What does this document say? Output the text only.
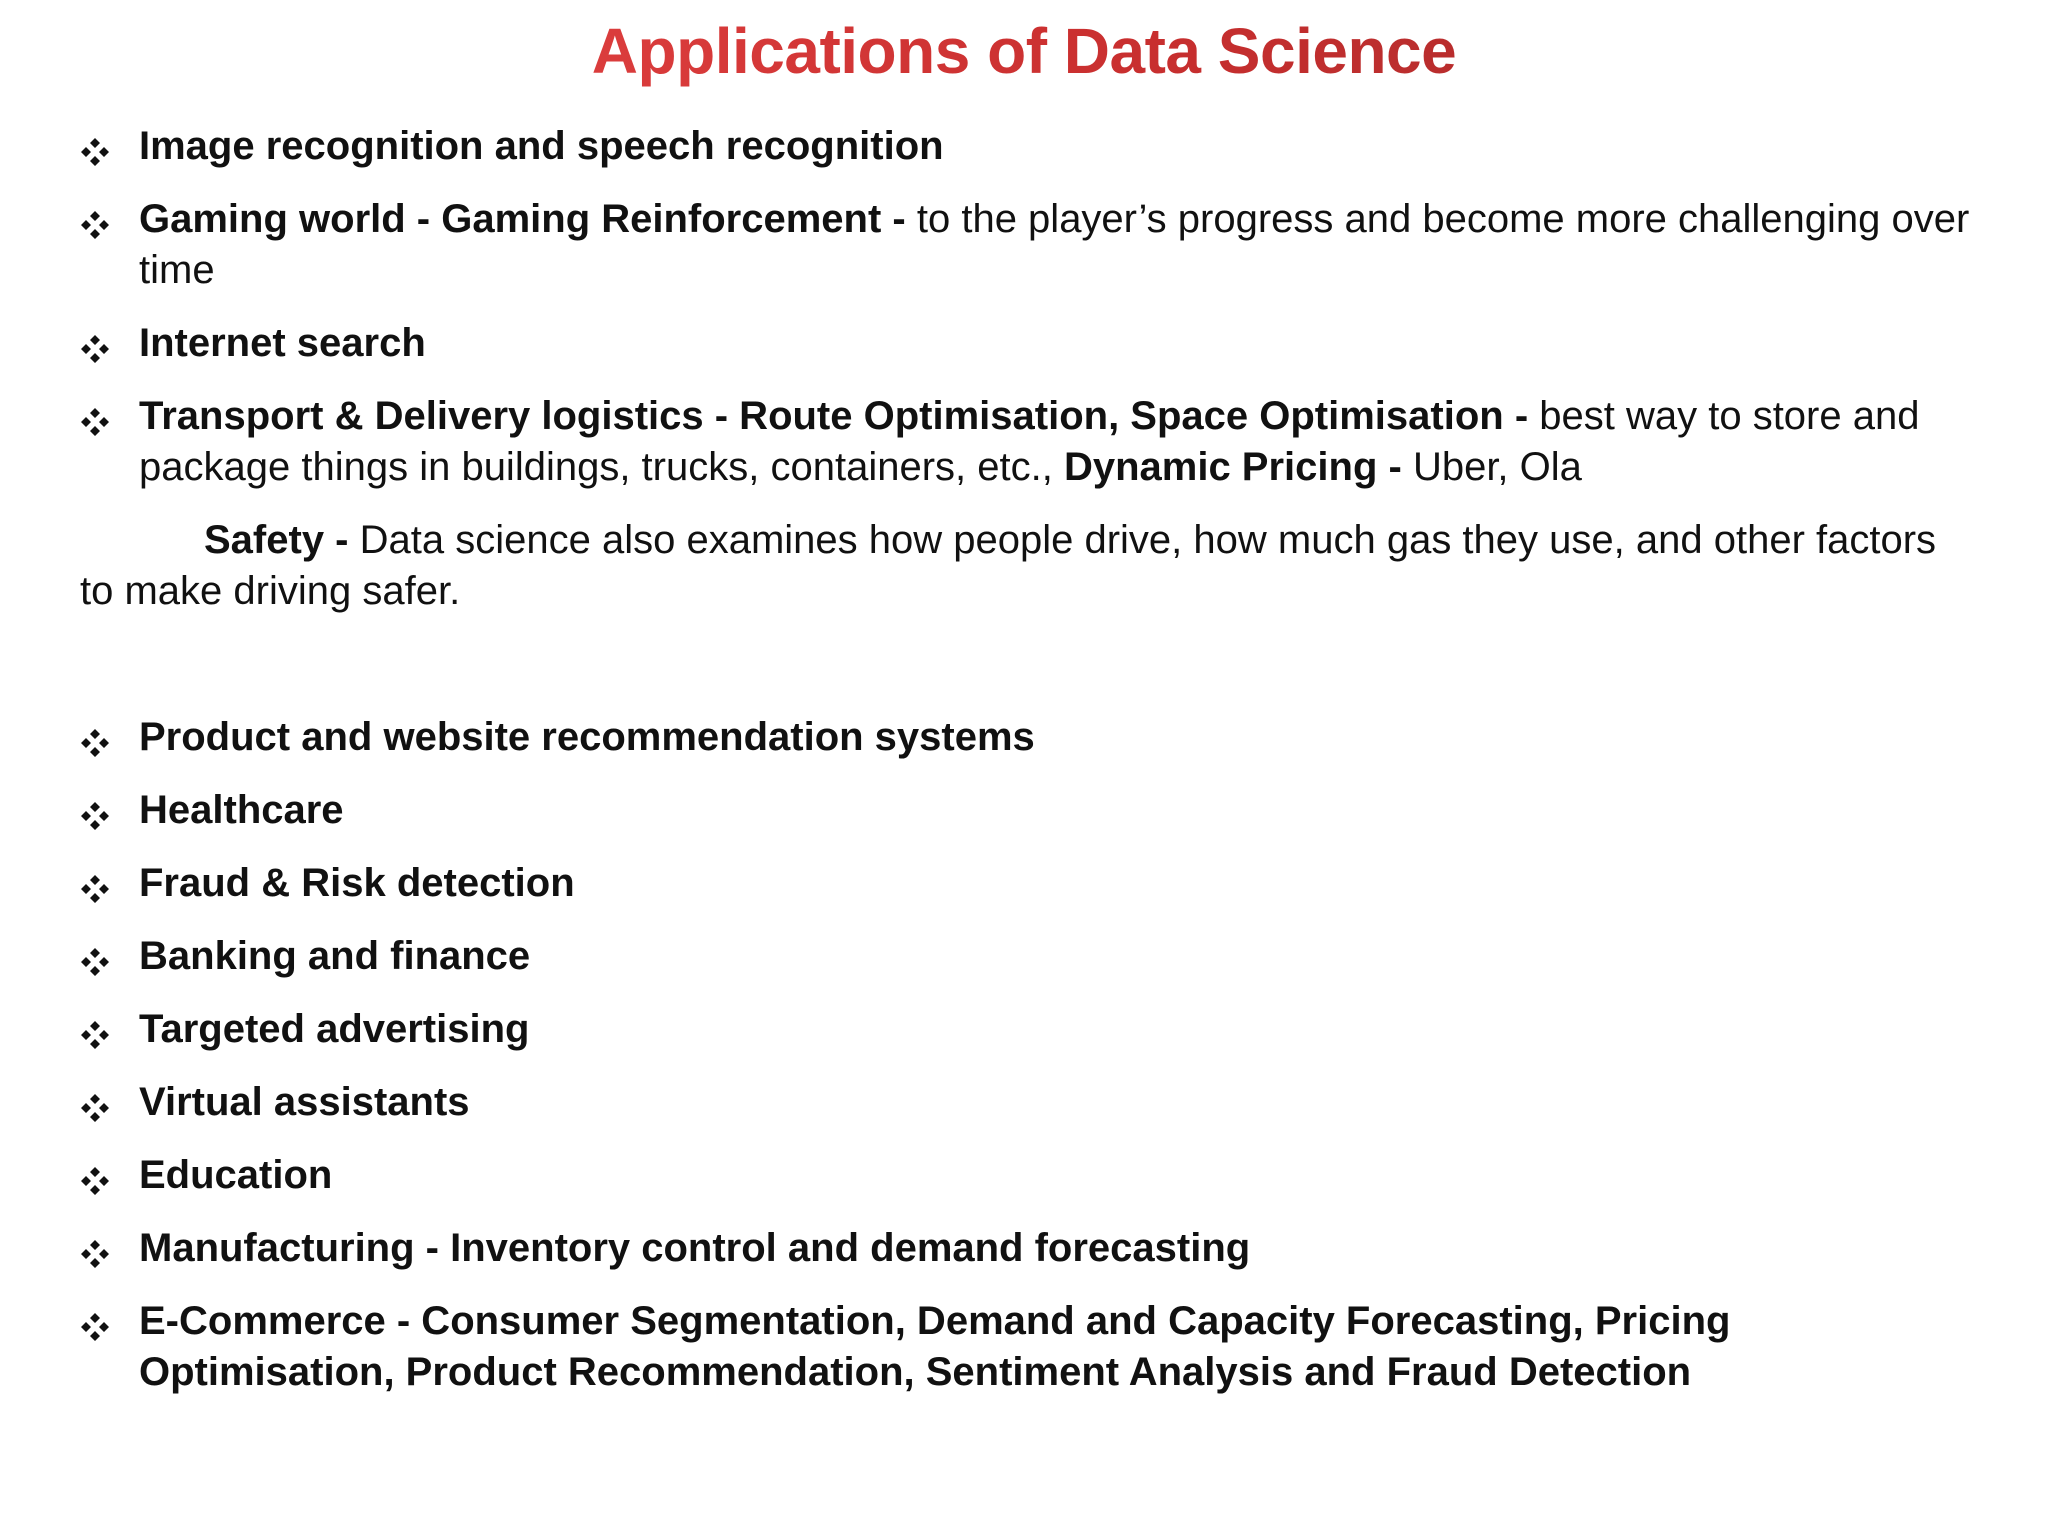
Applications of Data Science
Image recognition and speech recognition
Gaming world - Gaming Reinforcement - to the player’s progress and become more challenging over time
Internet search
Transport & Delivery logistics - Route Optimisation, Space Optimisation - best way to store and package things in buildings, trucks, containers, etc., Dynamic Pricing - Uber, Ola
Safety - Data science also examines how people drive, how much gas they use, and other factors to make driving safer.
Product and website recommendation systems
Healthcare
Fraud & Risk detection
Banking and finance
Targeted advertising
Virtual assistants
Education
Manufacturing - Inventory control and demand forecasting
E-Commerce - Consumer Segmentation, Demand and Capacity Forecasting, Pricing Optimisation, Product Recommendation, Sentiment Analysis and Fraud Detection
